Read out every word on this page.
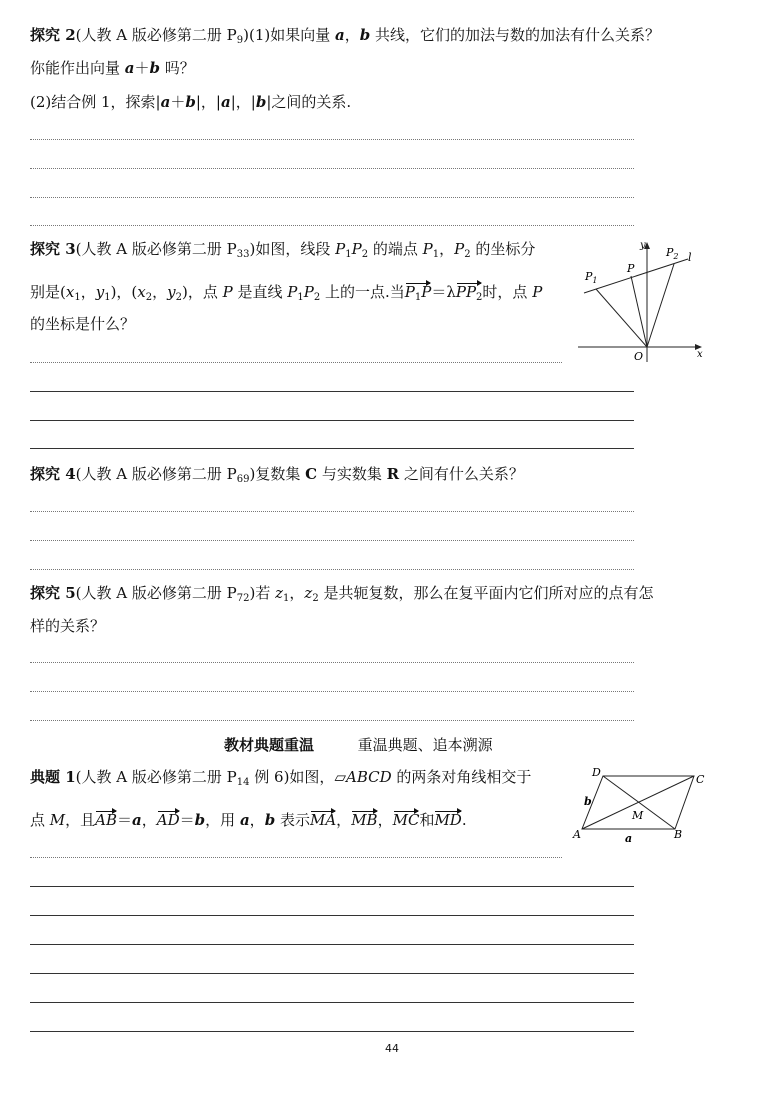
探究 2(人教 A 版必修第二册 $P_9)(1)$如果向量 a，b 共线，它们的加法与数的加法有什么关系？
你能作出向量 a＋b 吗？
(2)结合例 1，探索|a＋b|，|a|，|b|之间的关系.
探究 3(人教 A 版必修第二册 $P_{33}$)如图，线段 $P_1P_2$ 的端点 $P_1$，$P_2$ 的坐标分
别是($x_1$，$y_1$)，($x_2$，$y_2$)，点 P 是直线 $P_1P_2$ 上的一点.当$P_1P=\lambda PP_2$时，点 P
的坐标是什么？
y
x
O
$P_1$
P
$P_2$ l
探究 4(人教 A 版必修第二册 $P_{69}$)复数集 C 与实数集 R 之间有什么关系？
探究 5(人教 A 版必修第二册 $P_{72}$)若 $z_1$，$z_2$ 是共轭复数，那么在复平面内它们所对应的点有怎
样的关系？
教材典题重温	重温典题、追本溯源
典题 1(人教 A 版必修第二册 $P_{14}$ 例 6)如图，▱ABCD 的两条对角线相交于
点 M，且AB＝a，AD＝b，用 a，b 表示MA，MB，MC和MD.
A	B
C
D
M
a
b
44
